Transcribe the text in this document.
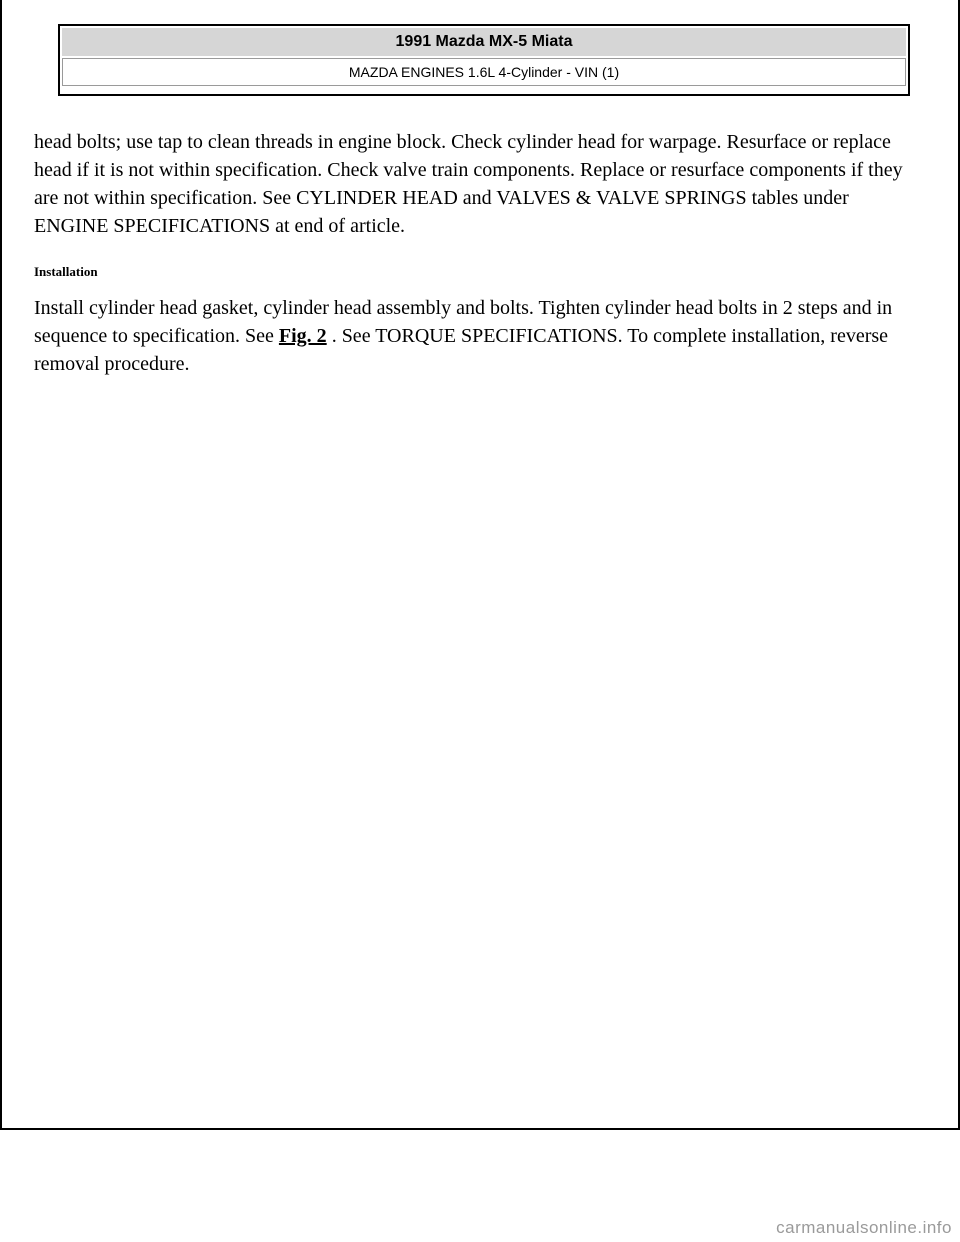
1991 Mazda MX-5 Miata
MAZDA ENGINES 1.6L 4-Cylinder - VIN (1)

head bolts; use tap to clean threads in engine block. Check cylinder head for warpage. Resurface or replace head if it is not within specification. Check valve train components. Replace or resurface components if they are not within specification. See CYLINDER HEAD and VALVES & VALVE SPRINGS tables under ENGINE SPECIFICATIONS at end of article.

Installation

Install cylinder head gasket, cylinder head assembly and bolts. Tighten cylinder head bolts in 2 steps and in sequence to specification. See Fig. 2 . See TORQUE SPECIFICATIONS. To complete installation, reverse removal procedure.

carmanualsonline.info
